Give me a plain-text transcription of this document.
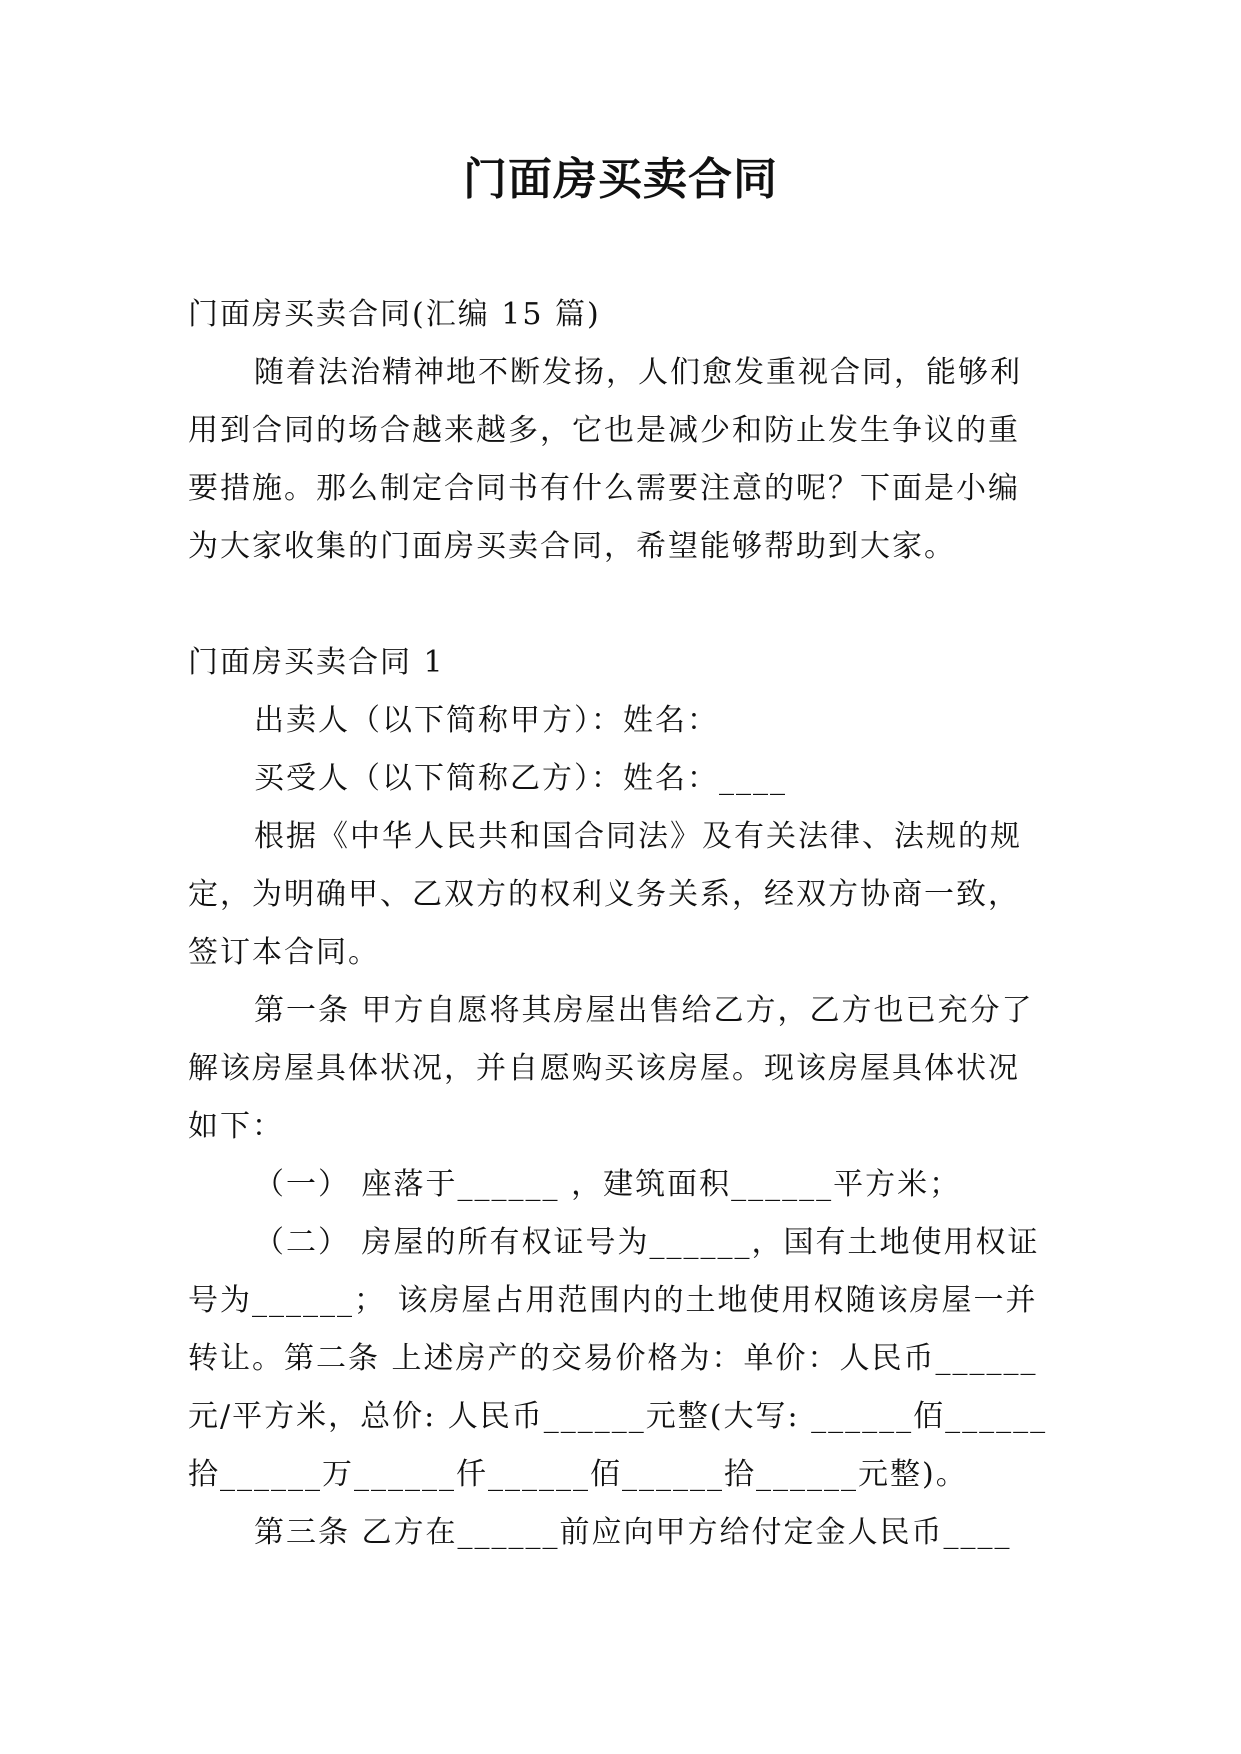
门面房买卖合同

门面房买卖合同(汇编 15 篇)

随着法治精神地不断发扬，人们愈发重视合同，能够利用到合同的场合越来越多，它也是减少和防止发生争议的重要措施。那么制定合同书有什么需要注意的呢？下面是小编为大家收集的门面房买卖合同，希望能够帮助到大家。

门面房买卖合同 1

出卖人（以下简称甲方）：姓名：

买受人（以下简称乙方）：姓名：____

根据《中华人民共和国合同法》及有关法律、法规的规定，为明确甲、乙双方的权利义务关系，经双方协商一致，签订本合同。

第一条 甲方自愿将其房屋出售给乙方，乙方也已充分了解该房屋具体状况，并自愿购买该房屋。现该房屋具体状况如下：

（一） 座落于______ ，建筑面积______平方米；

（二） 房屋的所有权证号为______，国有土地使用权证号为______； 该房屋占用范围内的土地使用权随该房屋一并转让。第二条 上述房产的交易价格为：单价：人民币______元/平方米，总价: 人民币______元整(大写: ______佰______拾______万______仟______佰______拾______元整)。

第三条 乙方在______前应向甲方给付定金人民币____
